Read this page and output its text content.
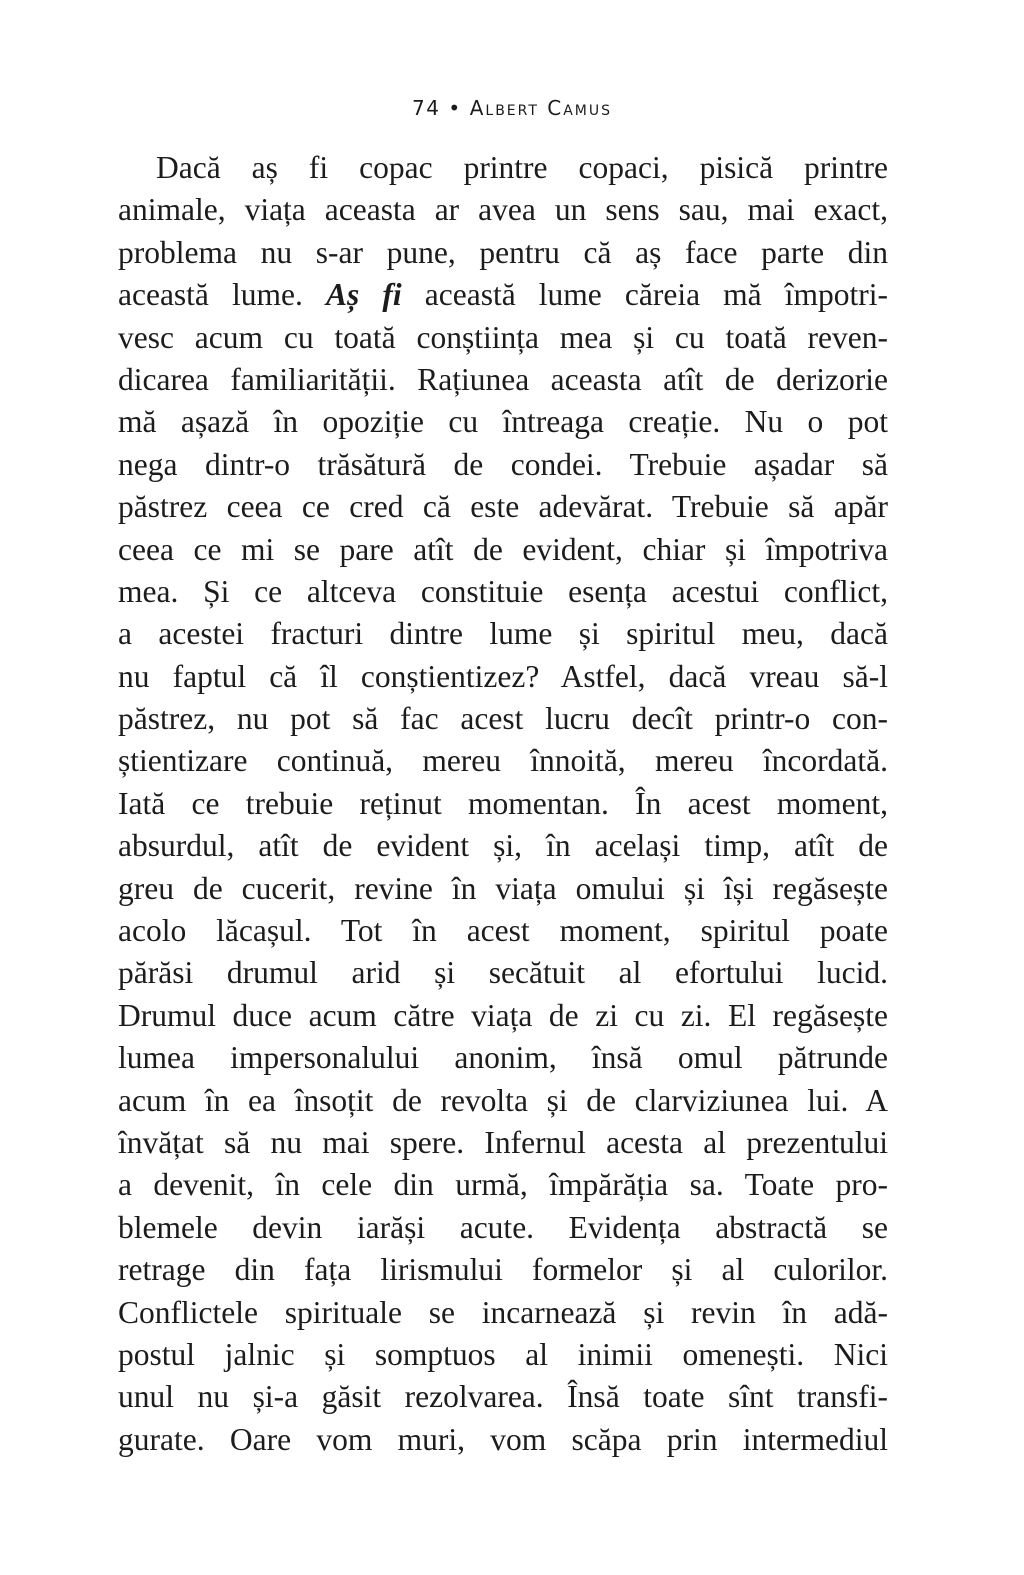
74 • Albert Camus
Dacă aș fi copac printre copaci, pisică printre
animale, viața aceasta ar avea un sens sau, mai exact,
problema nu s-ar pune, pentru că aș face parte din
această lume. Aș fi această lume căreia mă împotri-
vesc acum cu toată conștiința mea și cu toată reven-
dicarea familiarității. Rațiunea aceasta atît de derizorie
mă așază în opoziție cu întreaga creație. Nu o pot
nega dintr-o trăsătură de condei. Trebuie așadar să
păstrez ceea ce cred că este adevărat. Trebuie să apăr
ceea ce mi se pare atît de evident, chiar și împotriva
mea. Și ce altceva constituie esența acestui conflict,
a acestei fracturi dintre lume și spiritul meu, dacă
nu faptul că îl conștientizez? Astfel, dacă vreau să-l
păstrez, nu pot să fac acest lucru decît printr-o con-
știentizare continuă, mereu înnoită, mereu încordată.
Iată ce trebuie reținut momentan. În acest moment,
absurdul, atît de evident și, în același timp, atît de
greu de cucerit, revine în viața omului și își regăsește
acolo lăcașul. Tot în acest moment, spiritul poate
părăsi drumul arid și secătuit al efortului lucid.
Drumul duce acum către viața de zi cu zi. El regăsește
lumea impersonalului anonim, însă omul pătrunde
acum în ea însoțit de revolta și de clarviziunea lui. A
învățat să nu mai spere. Infernul acesta al prezentului
a devenit, în cele din urmă, împărăția sa. Toate pro-
blemele devin iarăși acute. Evidența abstractă se
retrage din fața lirismului formelor și al culorilor.
Conflictele spirituale se incarnează și revin în adă-
postul jalnic și somptuos al inimii omenești. Nici
unul nu și-a găsit rezolvarea. Însă toate sînt transfi-
gurate. Oare vom muri, vom scăpa prin intermediul
